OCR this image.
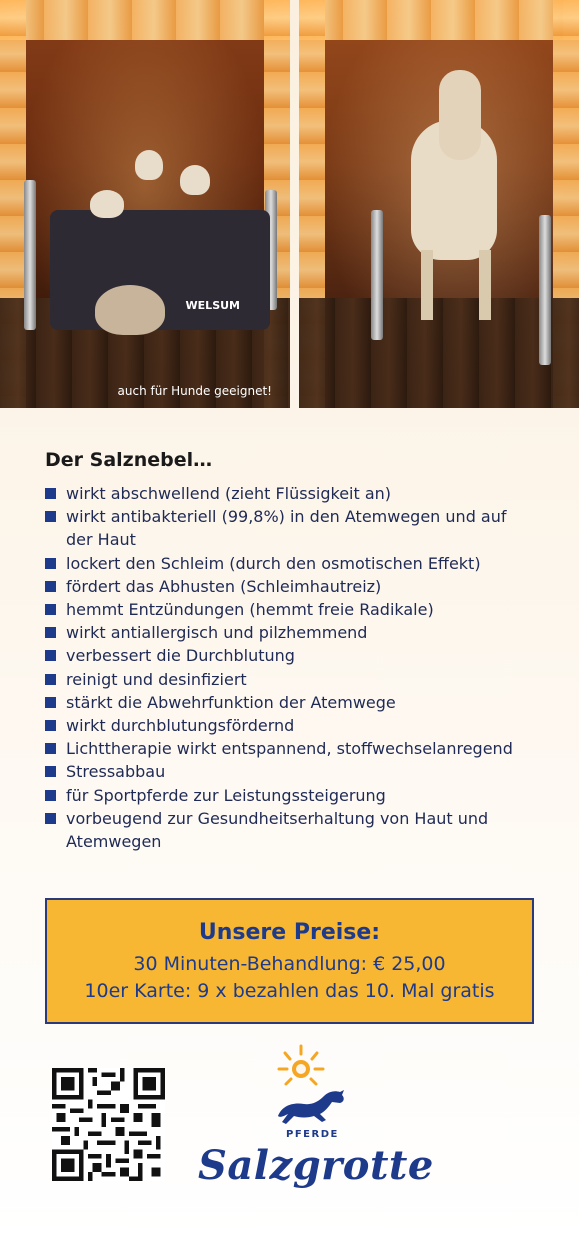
WELSUM
auch für Hunde geeignet!
Der Salznebel…
wirkt abschwellend (zieht Flüssigkeit an)
wirkt antibakteriell (99,8%) in den Atemwegen und auf der Haut
lockert den Schleim (durch den osmotischen Effekt)
fördert das Abhusten (Schleimhautreiz)
hemmt Entzündungen (hemmt freie Radikale)
wirkt antiallergisch und pilzhemmend
verbessert die Durchblutung
reinigt und desinfiziert
stärkt die Abwehrfunktion der Atemwege
wirkt durchblutungsfördernd
Lichttherapie wirkt entspannend, stoffwechselanregend
Stressabbau
für Sportpferde zur Leistungssteigerung
vorbeugend zur Gesundheitserhaltung von Haut und Atemwegen
Unsere Preise:
30 Minuten-Behandlung: € 25,00
10er Karte: 9 x bezahlen das 10. Mal gratis
PFERDE
Salzgrotte
